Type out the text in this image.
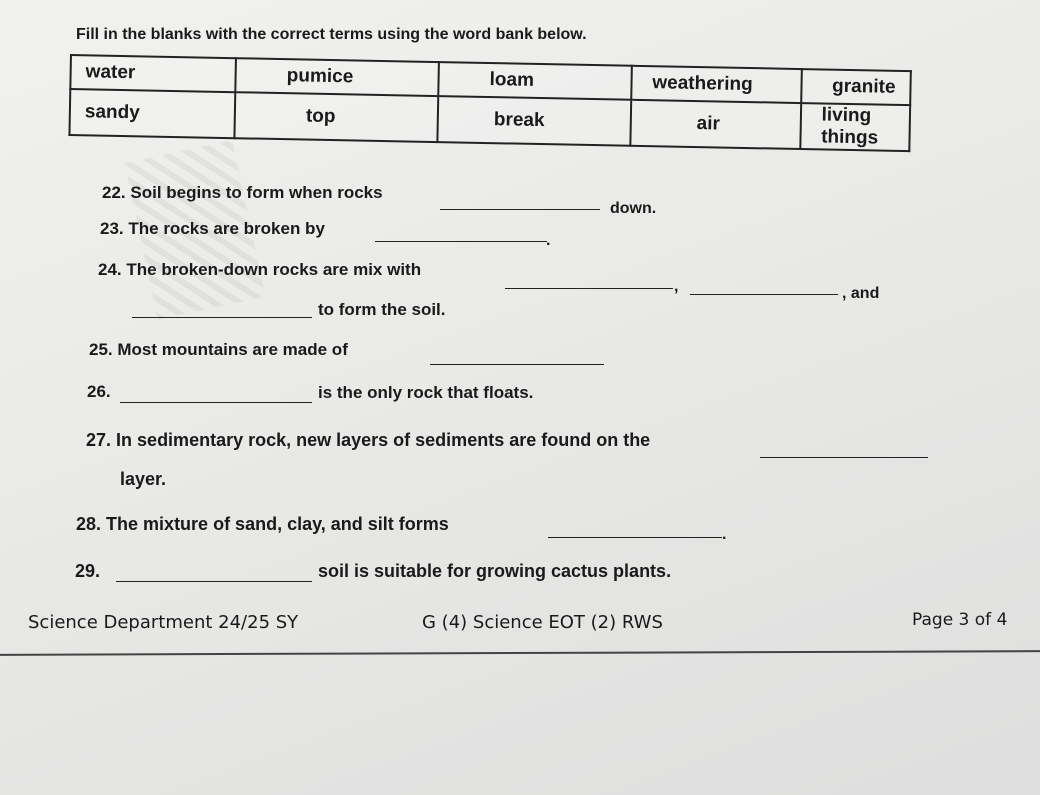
Fill in the blanks with the correct terms using the word bank below.
water	pumice	loam	weathering	granite
sandy	top	break	air	living things
22. Soil begins to form when rocks
down.
23. The rocks are broken by
.
24. The broken-down rocks are mix with
,	, and
to form the soil.
25. Most mountains are made of
26.	is the only rock that floats.
27. In sedimentary rock, new layers of sediments are found on the
layer.
28. The mixture of sand, clay, and silt forms
.
29.	soil is suitable for growing cactus plants.
Science Department 24/25 SY	G (4) Science EOT (2) RWS	Page 3 of 4
